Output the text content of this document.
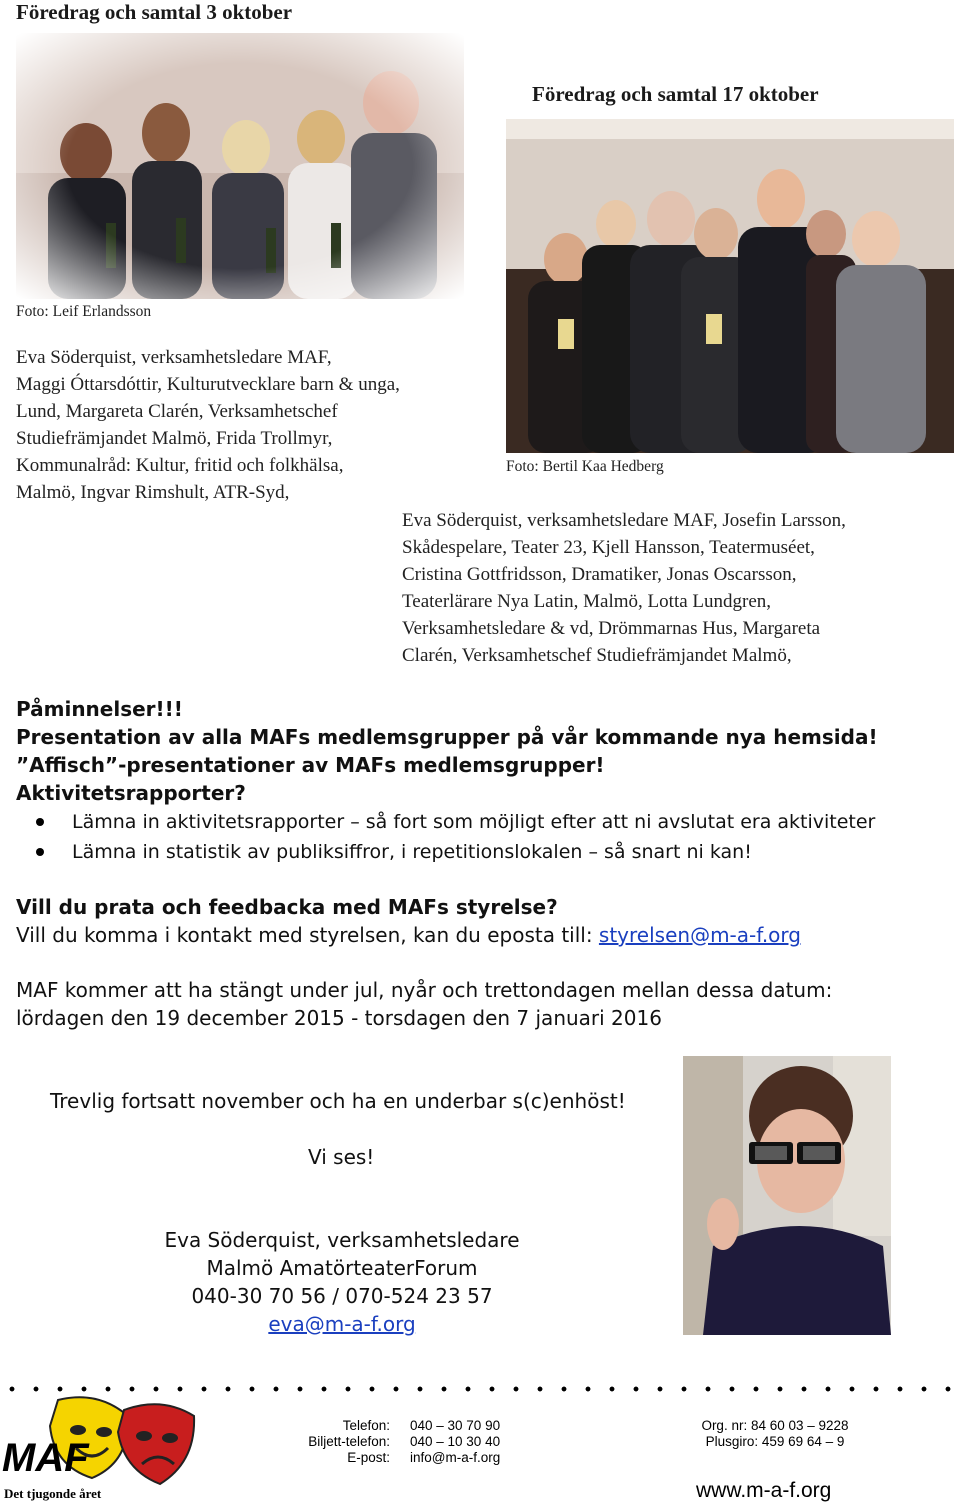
Föredrag och samtal 3 oktober
Foto: Leif Erlandsson
Eva Söderquist, verksamhetsledare MAF,
Maggi Óttarsdóttir, Kulturutvecklare barn & unga,
Lund, Margareta Clarén, Verksamhetschef
Studiefrämjandet Malmö, Frida Trollmyr,
Kommunalråd: Kultur, fritid och folkhälsa,
Malmö, Ingvar Rimshult, ATR-Syd,
Föredrag och samtal 17 oktober
Foto: Bertil Kaa Hedberg
Eva Söderquist, verksamhetsledare MAF, Josefin Larsson,
Skådespelare, Teater 23, Kjell Hansson, Teatermuséet,
Cristina Gottfridsson, Dramatiker, Jonas Oscarsson,
Teaterlärare Nya Latin, Malmö, Lotta Lundgren,
Verksamhetsledare & vd, Drömmarnas Hus, Margareta
Clarén, Verksamhetschef Studiefrämjandet Malmö,
Påminnelser!!!
Presentation av alla MAFs medlemsgrupper på vår kommande nya hemsida!
”Affisch”-presentationer av MAFs medlemsgrupper!
Aktivitetsrapporter?
Lämna in aktivitetsrapporter – så fort som möjligt efter att ni avslutat era aktiviteter
Lämna in statistik av publiksiffror, i repetitionslokalen – så snart ni kan!
Vill du prata och feedbacka med MAFs styrelse?
Vill du komma i kontakt med styrelsen, kan du eposta till: styrelsen@m-a-f.org
MAF kommer att ha stängt under jul, nyår och trettondagen mellan dessa datum:
lördagen den 19 december 2015 - torsdagen den 7 januari 2016
Trevlig fortsatt november och ha en underbar s(c)enhöst!
Vi ses!
Eva Söderquist, verksamhetsledare
Malmö AmatörteaterForum
040-30 70 56 / 070-524 23 57
eva@m-a-f.org
MAF
Det tjugonde året
Telefon:
Biljett-telefon:
E-post:
040 – 30 70 90
040 – 10 30 40
info@m-a-f.org
Org. nr: 84 60 03 – 9228
Plusgiro: 459 69 64 – 9
www.m-a-f.org
